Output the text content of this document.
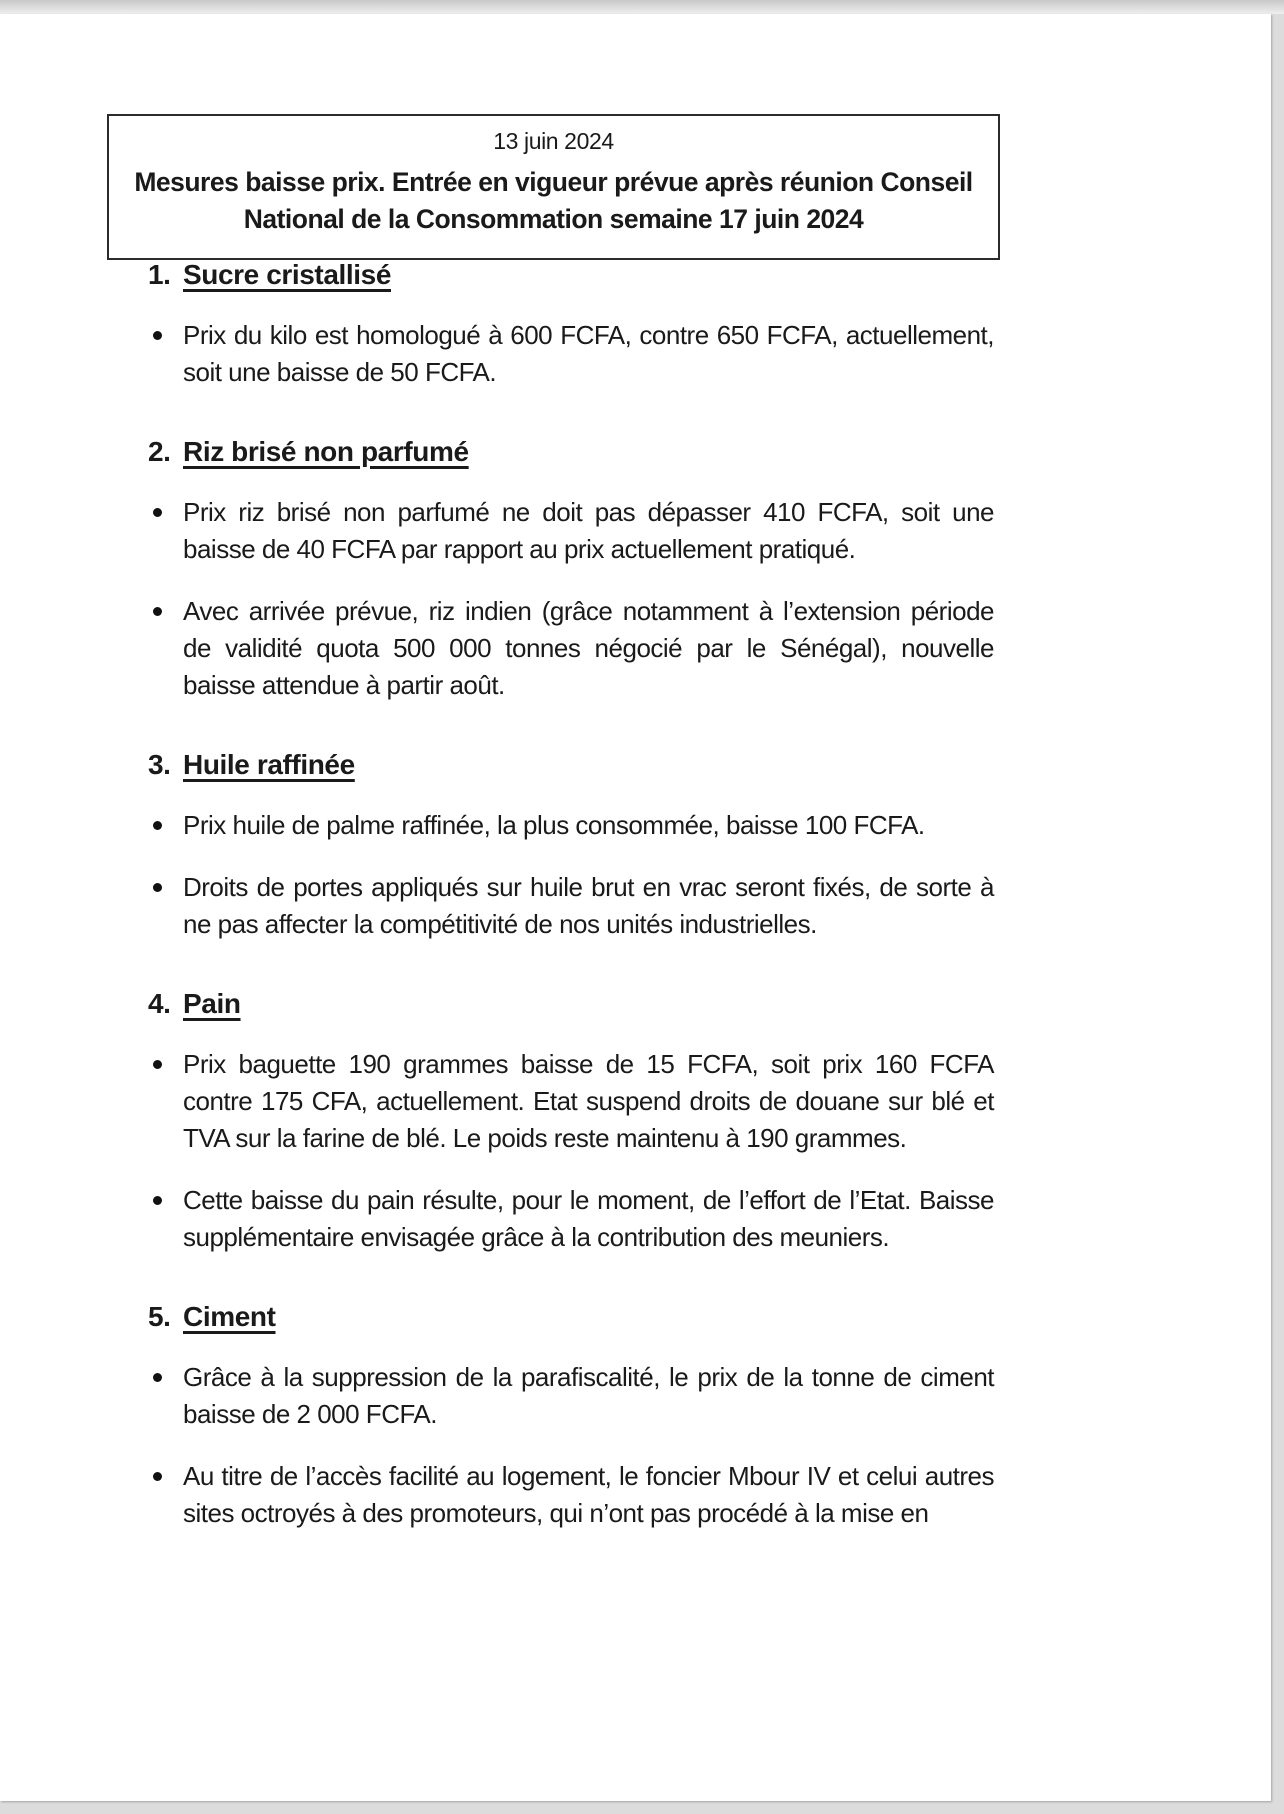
13 juin 2024
Mesures baisse prix. Entrée en vigueur prévue après réunion Conseil
National de la Consommation semaine 17 juin 2024
1. Sucre cristallisé
Prix du kilo est homologué à 600 FCFA, contre 650 FCFA, actuellement, soit une baisse de 50 FCFA.
2. Riz brisé non parfumé
Prix riz brisé non parfumé ne doit pas dépasser 410 FCFA, soit une baisse de 40 FCFA par rapport au prix actuellement pratiqué.
Avec arrivée prévue, riz indien (grâce notamment à l’extension période de validité quota 500 000 tonnes négocié par le Sénégal), nouvelle baisse attendue à partir août.
3. Huile raffinée
Prix huile de palme raffinée, la plus consommée, baisse 100 FCFA.
Droits de portes appliqués sur huile brut en vrac seront fixés, de sorte à ne pas affecter la compétitivité de nos unités industrielles.
4. Pain
Prix baguette 190 grammes baisse de 15 FCFA, soit prix 160 FCFA contre 175 CFA, actuellement. Etat suspend droits de douane sur blé et TVA sur la farine de blé. Le poids reste maintenu à 190 grammes.
Cette baisse du pain résulte, pour le moment, de l’effort de l’Etat. Baisse supplémentaire envisagée grâce à la contribution des meuniers.
5. Ciment
Grâce à la suppression de la parafiscalité, le prix de la tonne de ciment baisse de 2 000 FCFA.
Au titre de l’accès facilité au logement, le foncier Mbour IV et celui autres sites octroyés à des promoteurs, qui n’ont pas procédé à la mise en
